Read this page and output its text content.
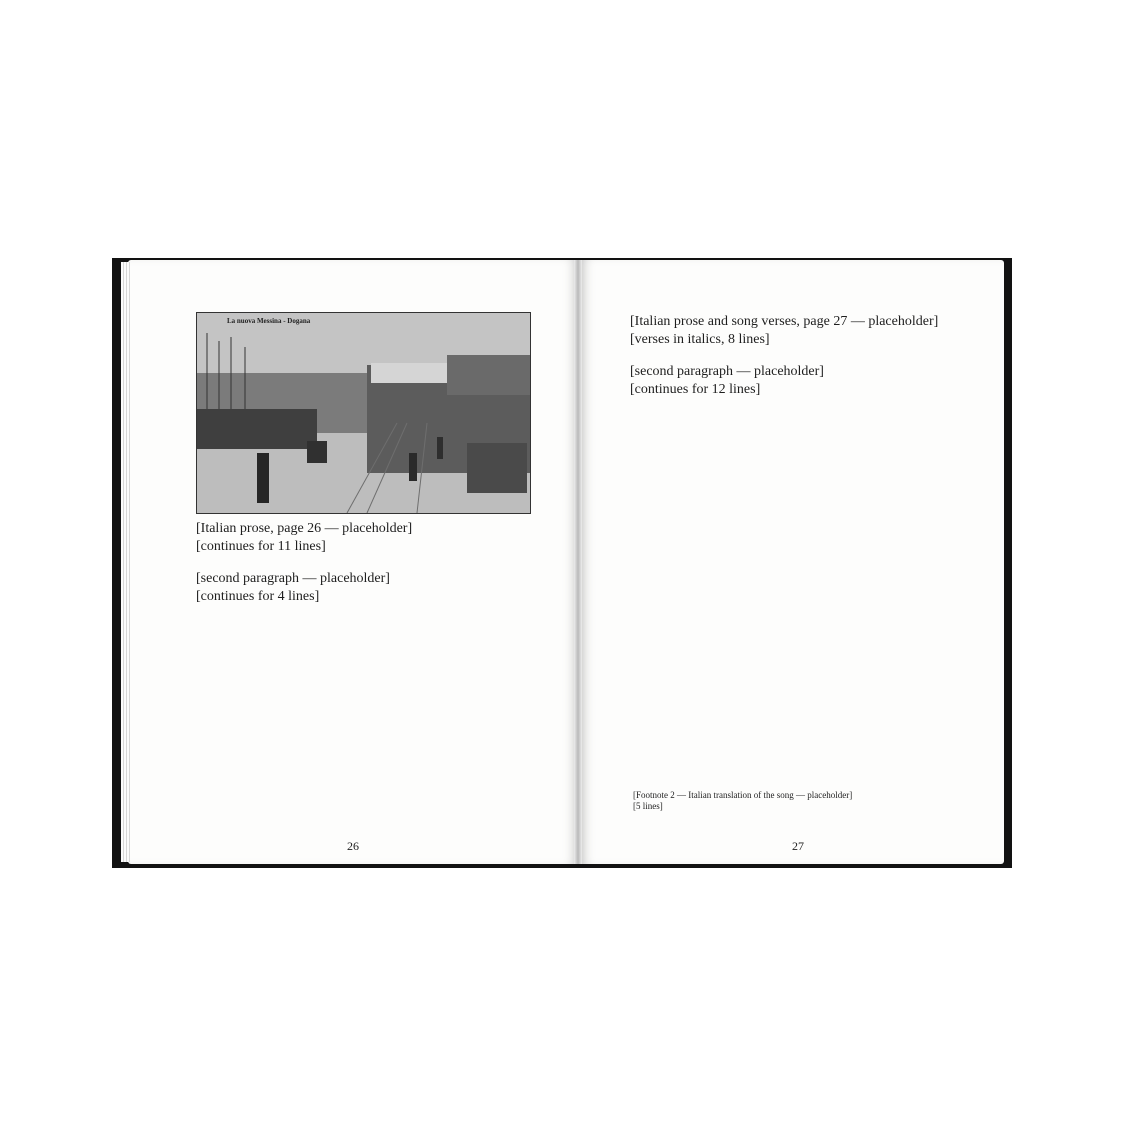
La nuova Messina - Dogana

[Italian prose, page 26 — placeholder]

[continues for 11 lines]

[second paragraph — placeholder]

[continues for 4 lines]

[Italian prose and song verses, page 27 — placeholder]

[verses in italics, 8 lines]

[second paragraph — placeholder]

[continues for 12 lines]

[Footnote 2 — Italian translation of the song — placeholder]

[5 lines]

26	27
